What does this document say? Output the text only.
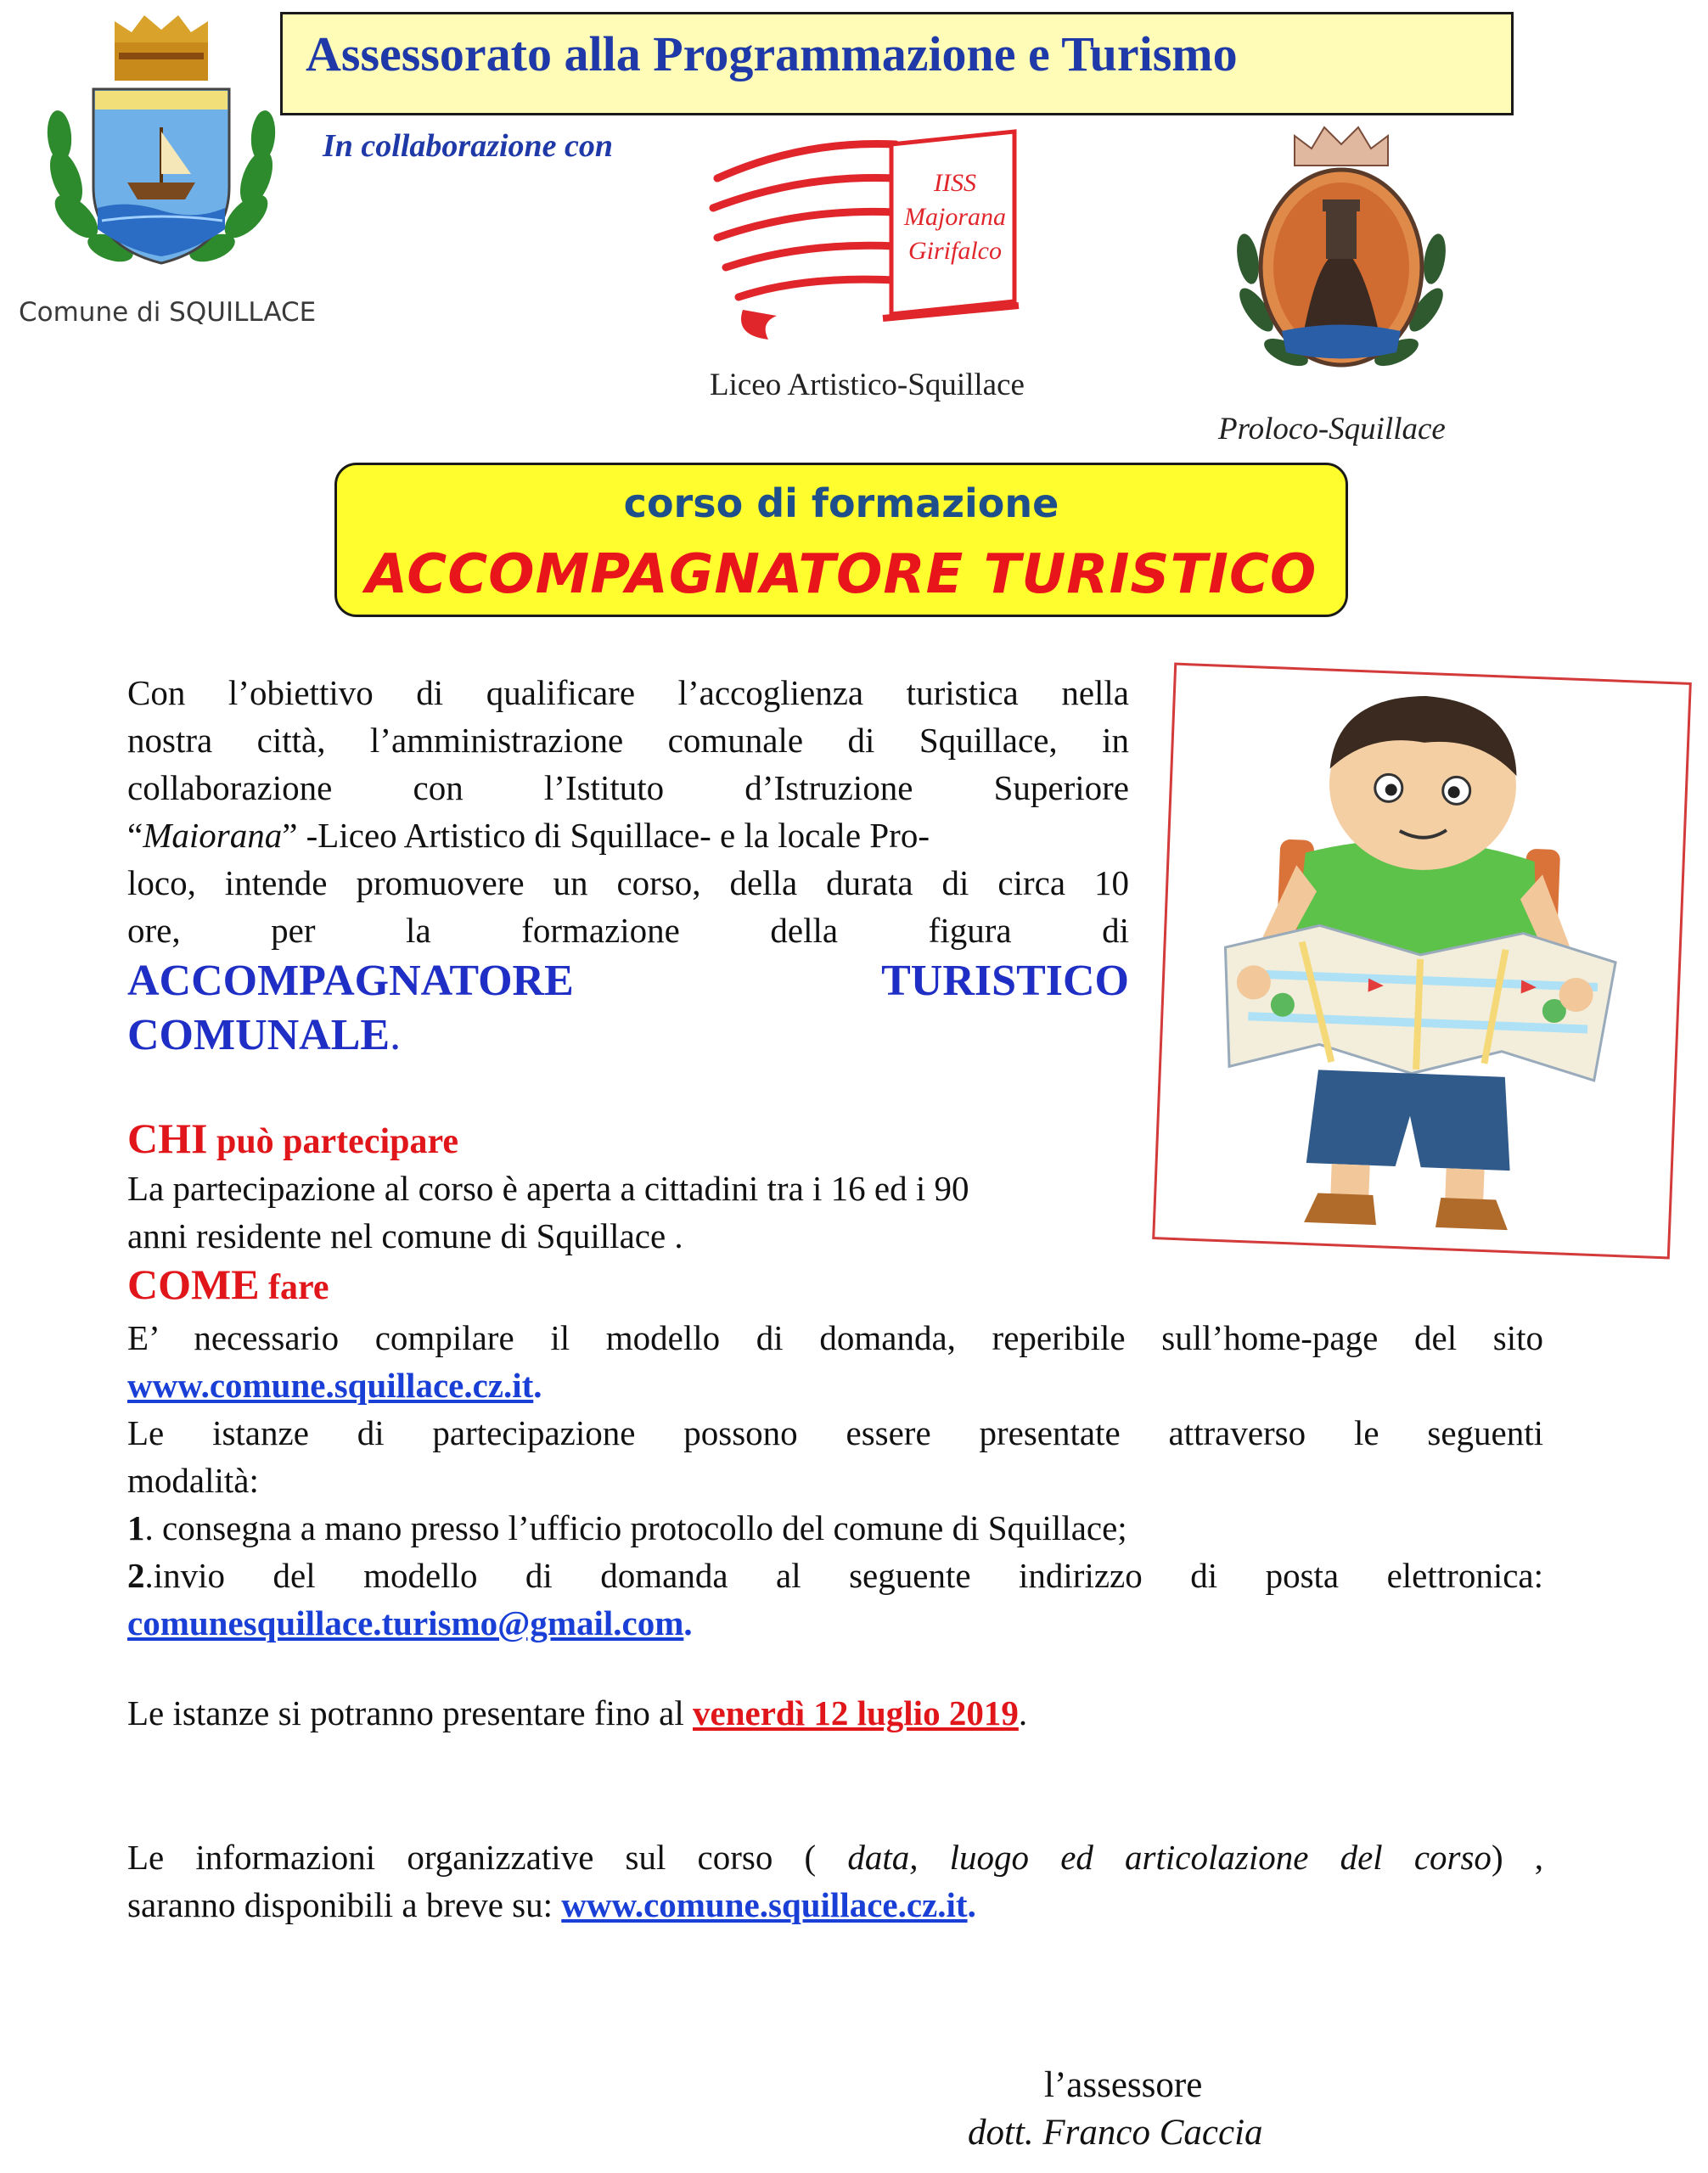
Assessorato alla Programmazione e Turismo
In collaborazione con
Comune di SQUILLACE
IISS
Majorana
Girifalco
Liceo Artistico-Squillace
Proloco-Squillace
corso di formazione
ACCOMPAGNATORE TURISTICO
Con l’obiettivo di qualificare l’accoglienza turistica nella
nostra città, l’amministrazione comunale di Squillace, in
collaborazione con l’Istituto d’Istruzione Superiore
“Maiorana” -Liceo Artistico di Squillace- e la locale Pro-
loco, intende promuovere un corso, della durata di circa 10
ore, per la formazione della figura di
ACCOMPAGNATORE TURISTICO
COMUNALE.
CHI può partecipare
La partecipazione al corso è aperta a cittadini tra i 16 ed i 90
anni residente nel comune di Squillace .
COME fare
E’ necessario compilare il modello di domanda, reperibile sull’home-page del sito
www.comune.squillace.cz.it.
Le istanze di partecipazione possono essere presentate attraverso le seguenti
modalità:
1. consegna a mano presso l’ufficio protocollo del comune di Squillace;
2.invio del modello di domanda al seguente indirizzo di posta elettronica:
comunesquillace.turismo@gmail.com.
Le istanze si potranno presentare fino al venerdì 12 luglio 2019.
Le informazioni organizzative sul corso ( data, luogo ed articolazione del corso) ,
saranno disponibili a breve su: www.comune.squillace.cz.it.
l’assessore
dott. Franco Caccia
